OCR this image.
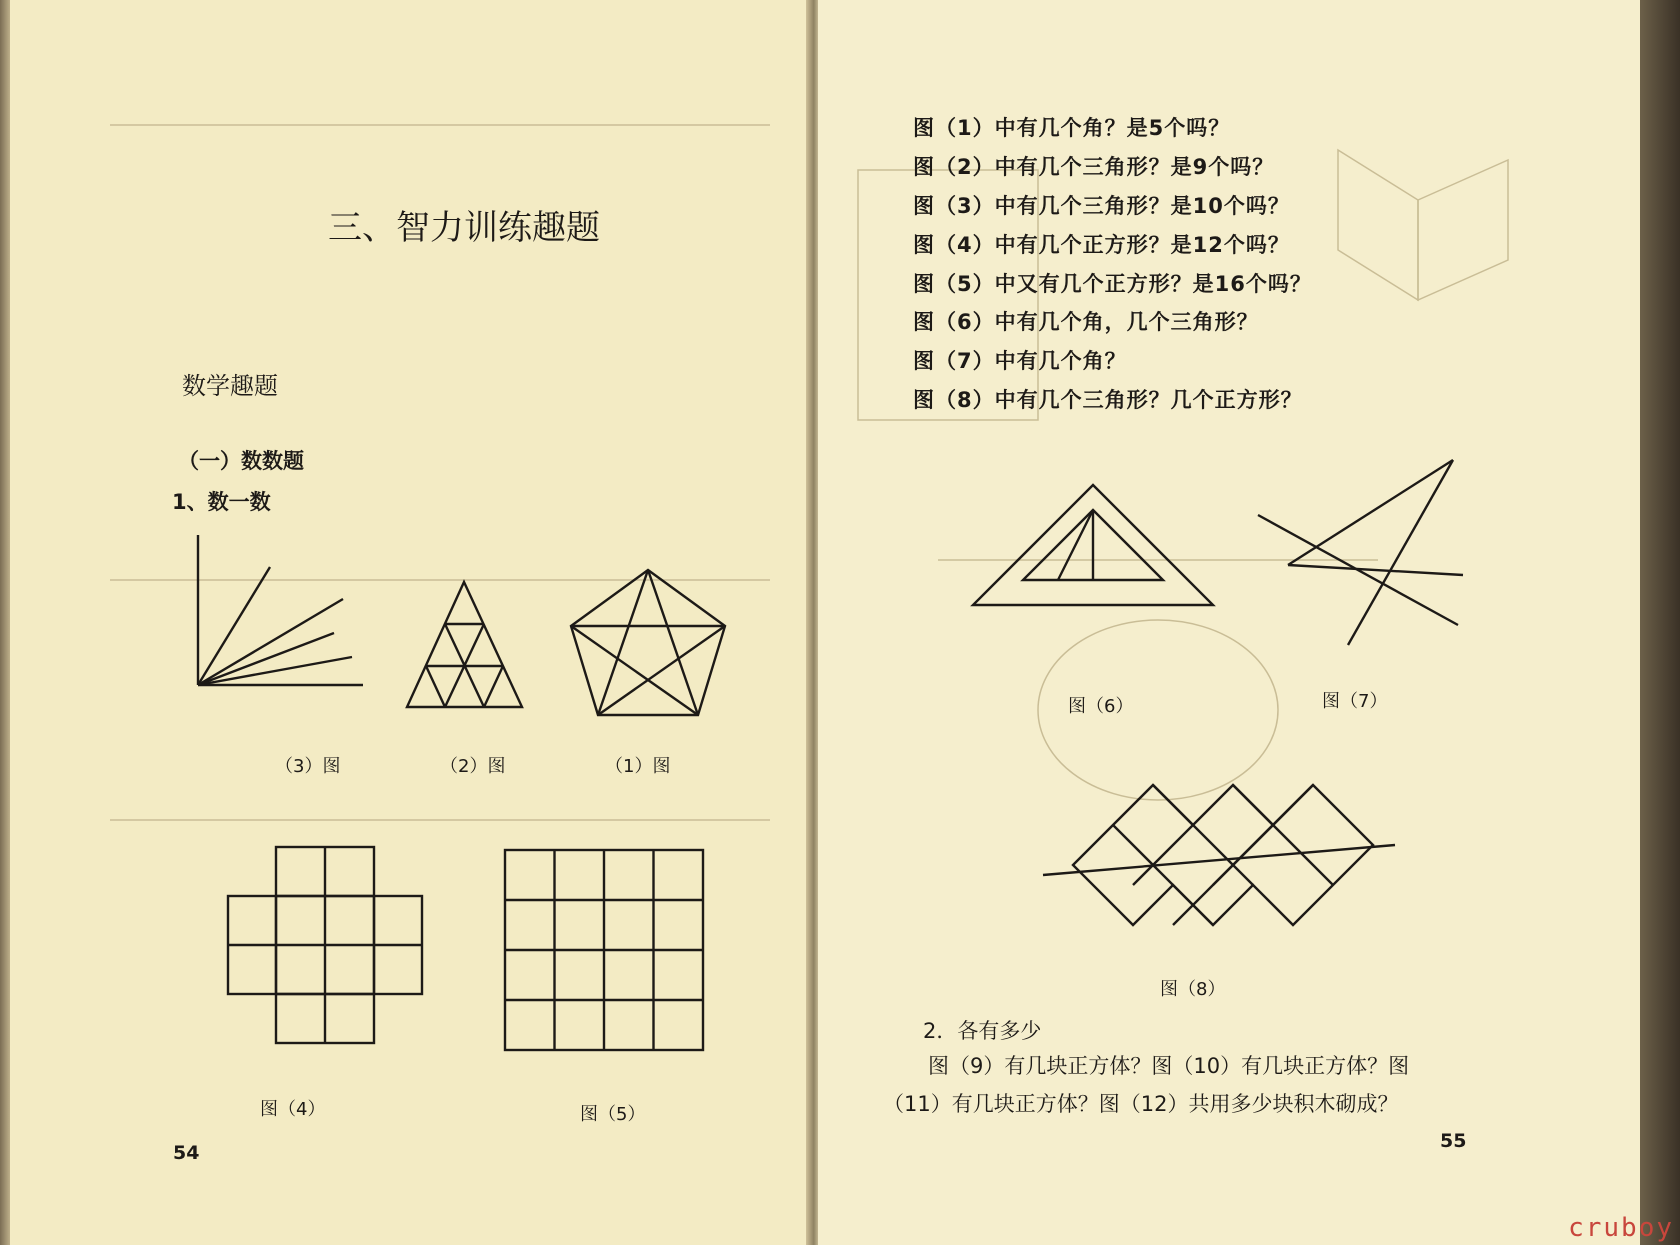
三、智力训练趣题
数学趣题
（一）数数题
1、数一数
（3）图	（2）图	（1）图
图（4）	图（5）
54
图（1）中有几个角？是5个吗？
图（2）中有几个三角形？是9个吗？
图（3）中有几个三角形？是10个吗？
图（4）中有几个正方形？是12个吗？
图（5）中又有几个正方形？是16个吗？
图（6）中有几个角，几个三角形？
图（7）中有几个角？
图（8）中有几个三角形？几个正方形？
图（6）	图（7）
图（8）
2．各有多少
图（9）有几块正方体？图（10）有几块正方体？图
（11）有几块正方体？图（12）共用多少块积木砌成？
55
cruboy
